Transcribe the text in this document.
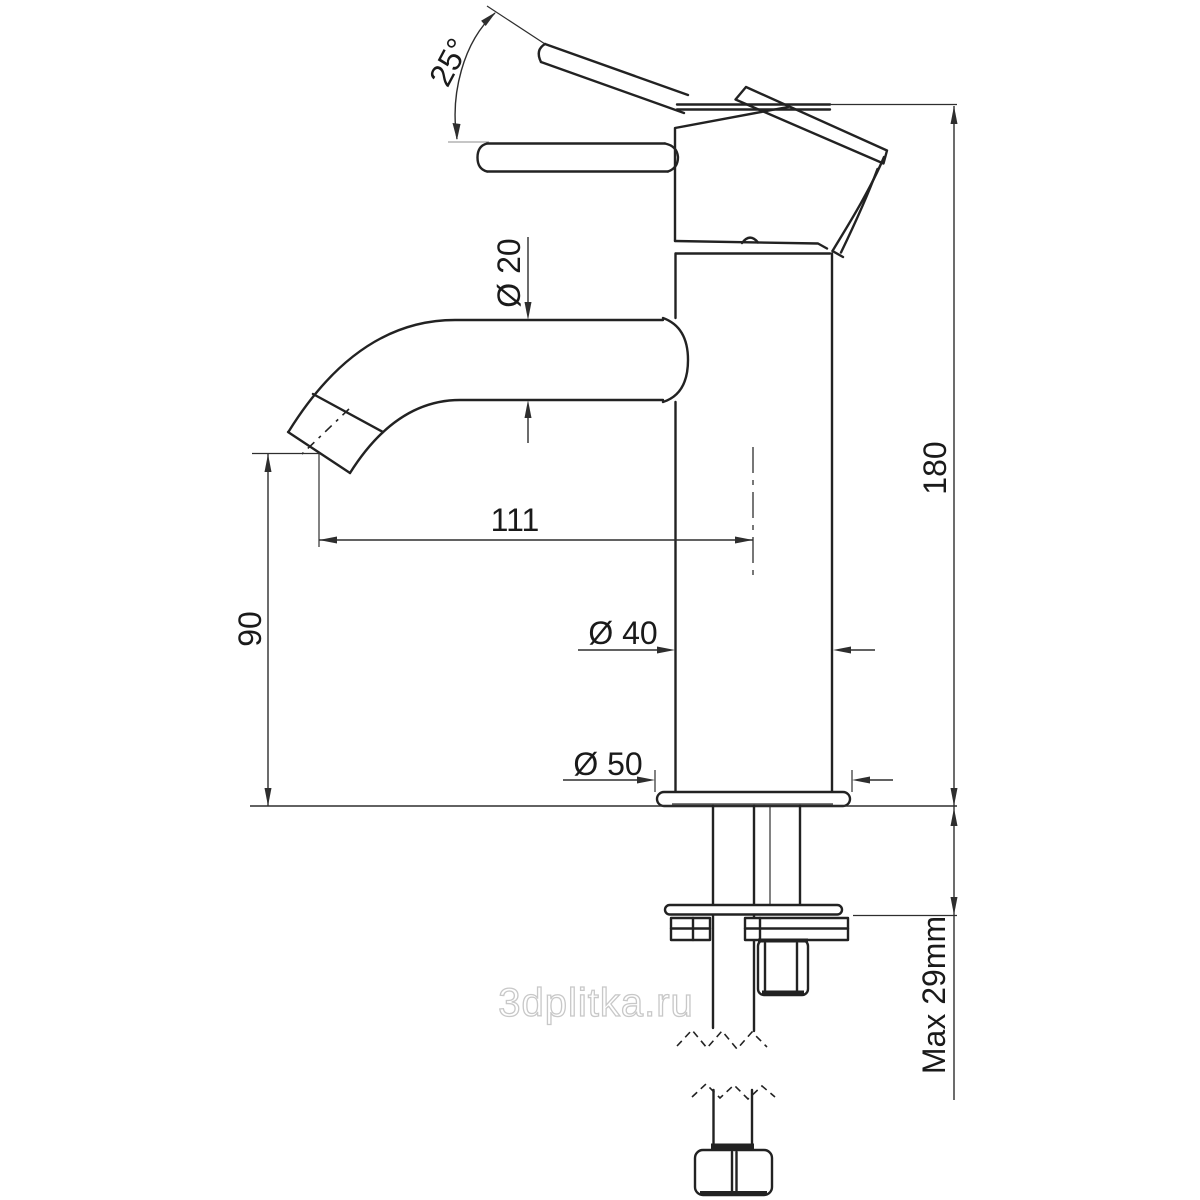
3dplitka.ru
25°
Ø 20
111
90	Ø 40
Ø 50
180
Max 29mm
